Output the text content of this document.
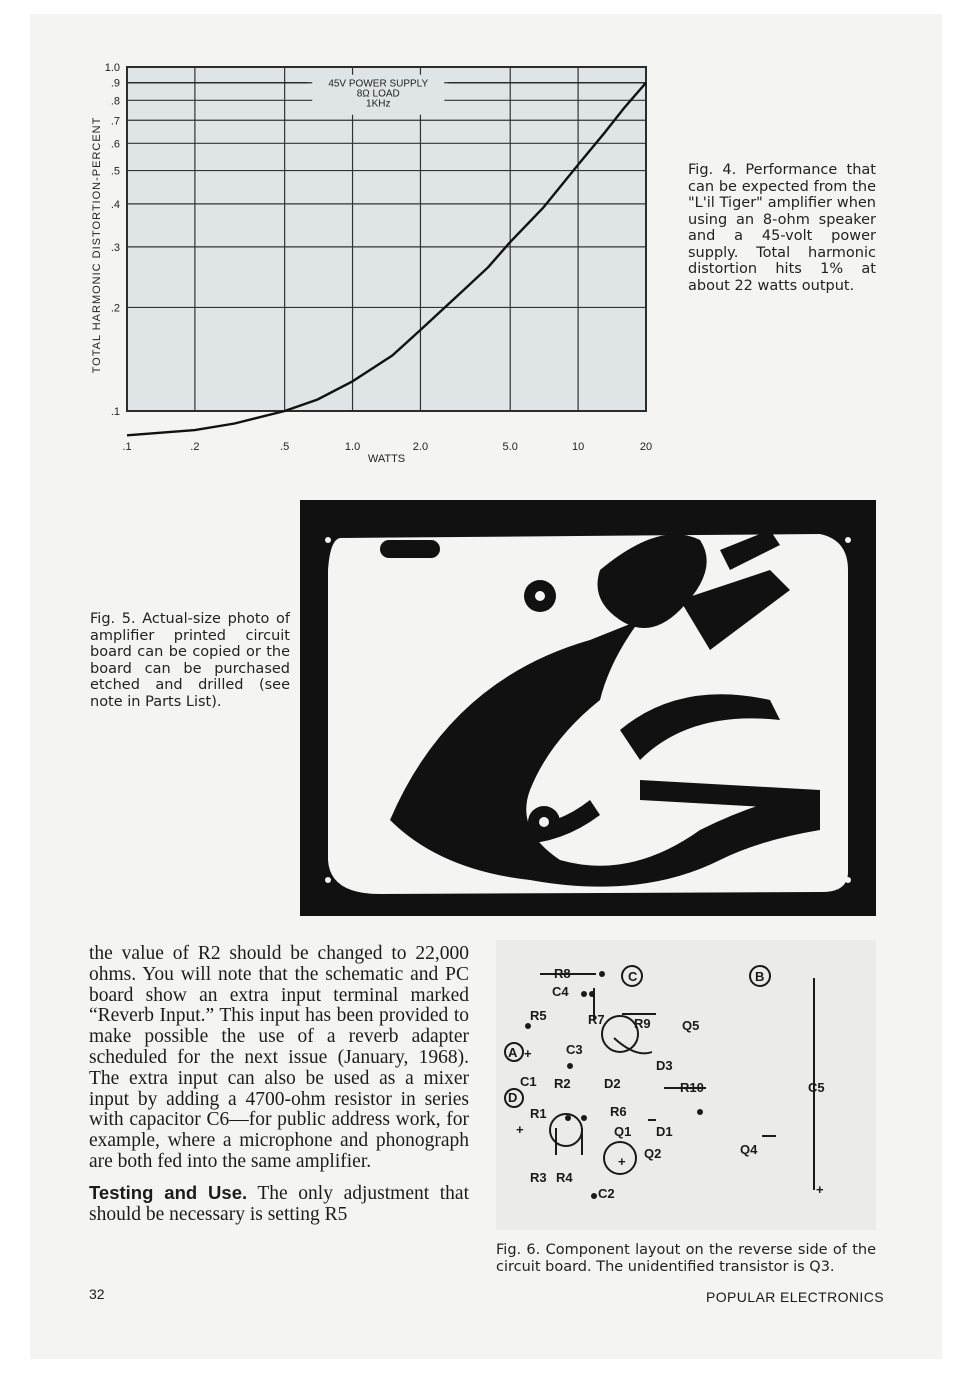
.1	.2	.5	1.0	2.0	5.0	10	20
1.0
.9
.8
.7
.6
.5
.4
.3
.2
.1
WATTS
TOTAL HARMONIC DISTORTION-PERCENT
45V POWER SUPPLY
8Ω LOAD
1KHz
Fig. 4. Performance that can be expected from the "L'il Tiger" amplifier when using an 8-ohm speaker and a 45-volt power supply. Total harmonic distortion hits 1% at about 22 watts output.
Fig. 5. Actual-size photo of amplifier printed circuit board can be copied or the board can be purchased etched and drilled (see note in Parts List).

the value of R2 should be changed to 22,000 ohms. You will note that the schematic and PC board show an extra input terminal marked “Reverb Input.” This input has been provided to make possible the use of a reverb adapter scheduled for the next issue (January, 1968). The extra input can also be used as a mixer input by adding a 4700-ohm resistor in series with capacitor C6—for public address work, for example, where a microphone and phonograph are both fed into the same amplifier.

Testing and Use. The only adjustment that should be necessary is setting R5

R8	C	B
C4
R5	R7 R9 Q5
A	C3
D3
C1 R2	D2	R10	C5
D
R6
R1
Q1 D1
Q4
Q2
R3 R4
C2
+
+
+
+
Fig. 6. Component layout on the reverse side of the circuit board. The unidentified transistor is Q3.
32	POPULAR ELECTRONICS
